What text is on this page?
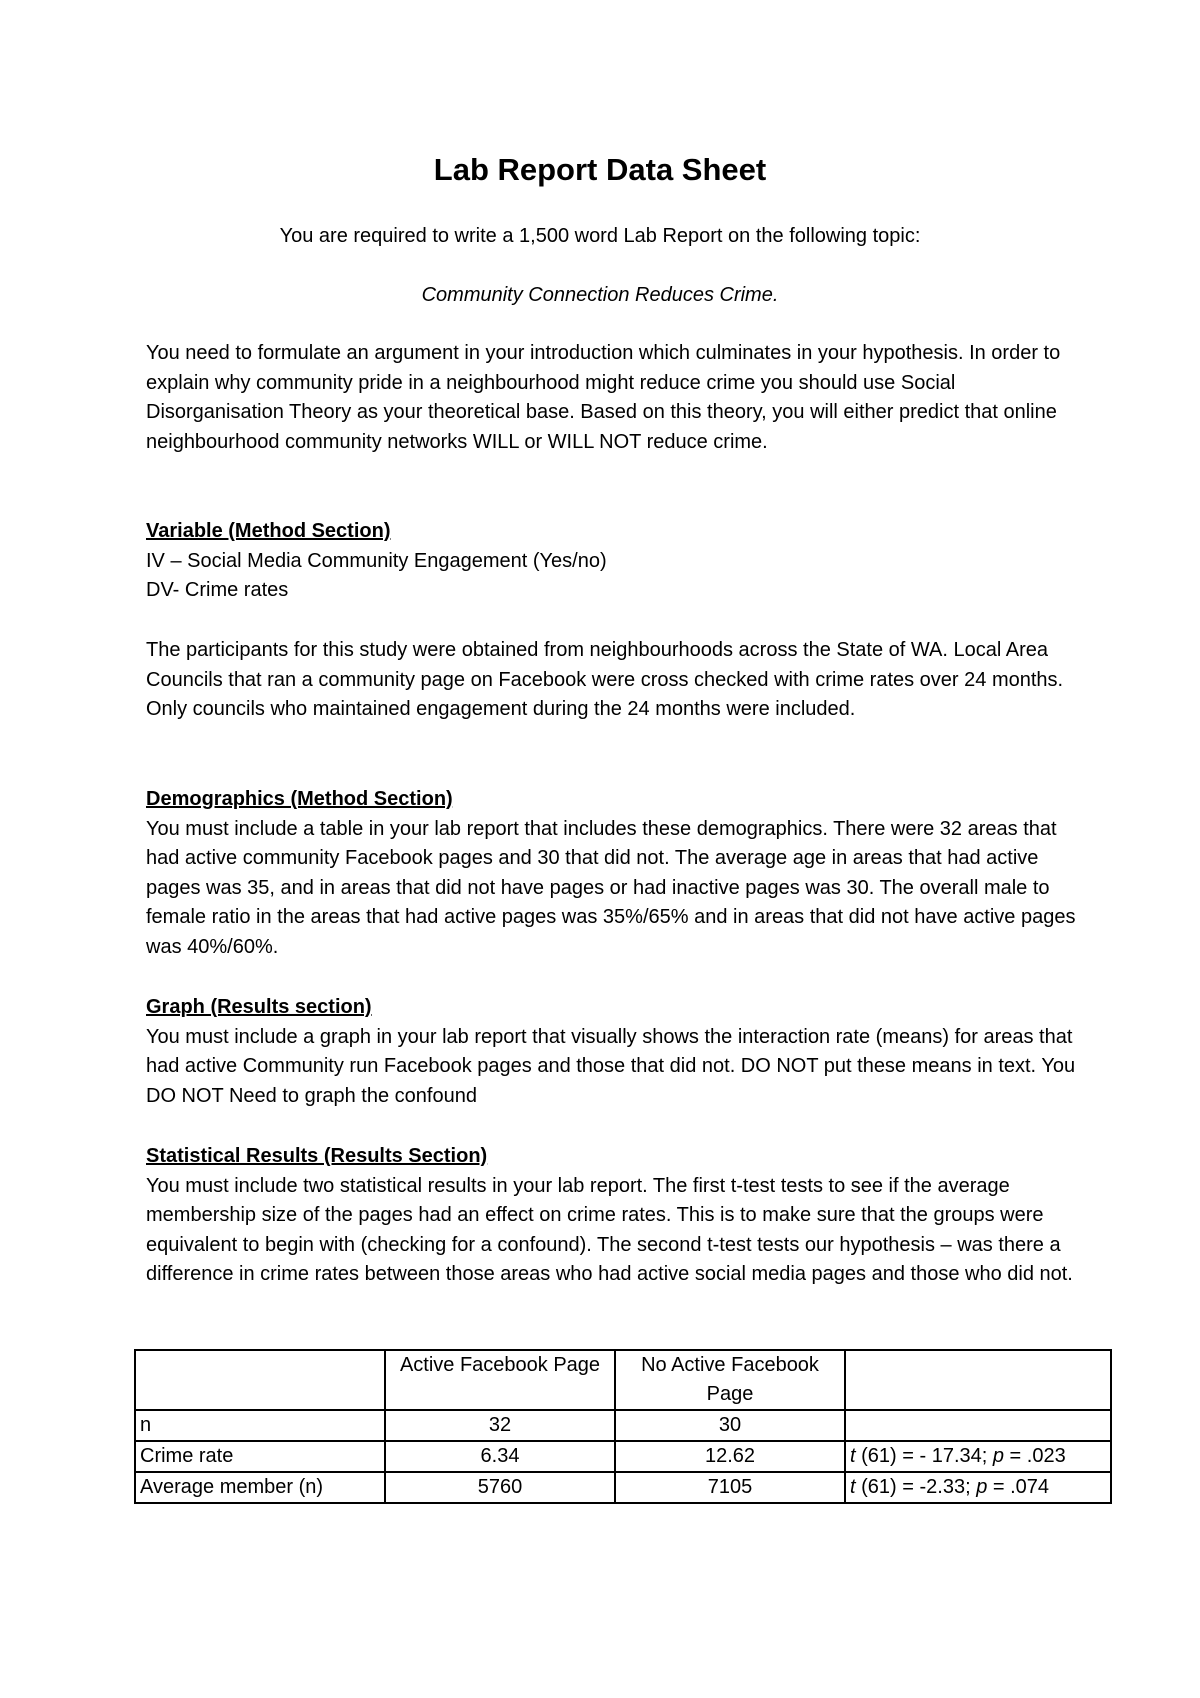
Lab Report Data Sheet
You are required to write a 1,500 word Lab Report on the following topic:
Community Connection Reduces Crime.

You need to formulate an argument in your introduction which culminates in your hypothesis. In order to explain why community pride in a neighbourhood might reduce crime you should use Social Disorganisation Theory as your theoretical base. Based on this theory, you will either predict that online neighbourhood community networks WILL or WILL NOT reduce crime.

Variable (Method Section)

IV – Social Media Community Engagement (Yes/no)

DV- Crime rates

The participants for this study were obtained from neighbourhoods across the State of WA. Local Area Councils that ran a community page on Facebook were cross checked with crime rates over 24 months. Only councils who maintained engagement during the 24 months were included.

Demographics (Method Section)

You must include a table in your lab report that includes these demographics. There were 32 areas that had active community Facebook pages and 30 that did not. The average age in areas that had active pages was 35, and in areas that did not have pages or had inactive pages was 30. The overall male to female ratio in the areas that had active pages was 35%/65% and in areas that did not have active pages was 40%/60%.

Graph (Results section)

You must include a graph in your lab report that visually shows the interaction rate (means) for areas that had active Community run Facebook pages and those that did not. DO NOT put these means in text. You DO NOT Need to graph the confound

Statistical Results (Results Section)

You must include two statistical results in your lab report. The first t-test tests to see if the average membership size of the pages had an effect on crime rates. This is to make sure that the groups were equivalent to begin with (checking for a confound). The second t-test tests our hypothesis – was there a difference in crime rates between those areas who had active social media pages and those who did not.

	Active Facebook Page	No Active Facebook Page	
n	32	30	
Crime rate	6.34	12.62	t (61) = - 17.34; p = .023
Average member (n)	5760	7105	t (61) = -2.33; p = .074
